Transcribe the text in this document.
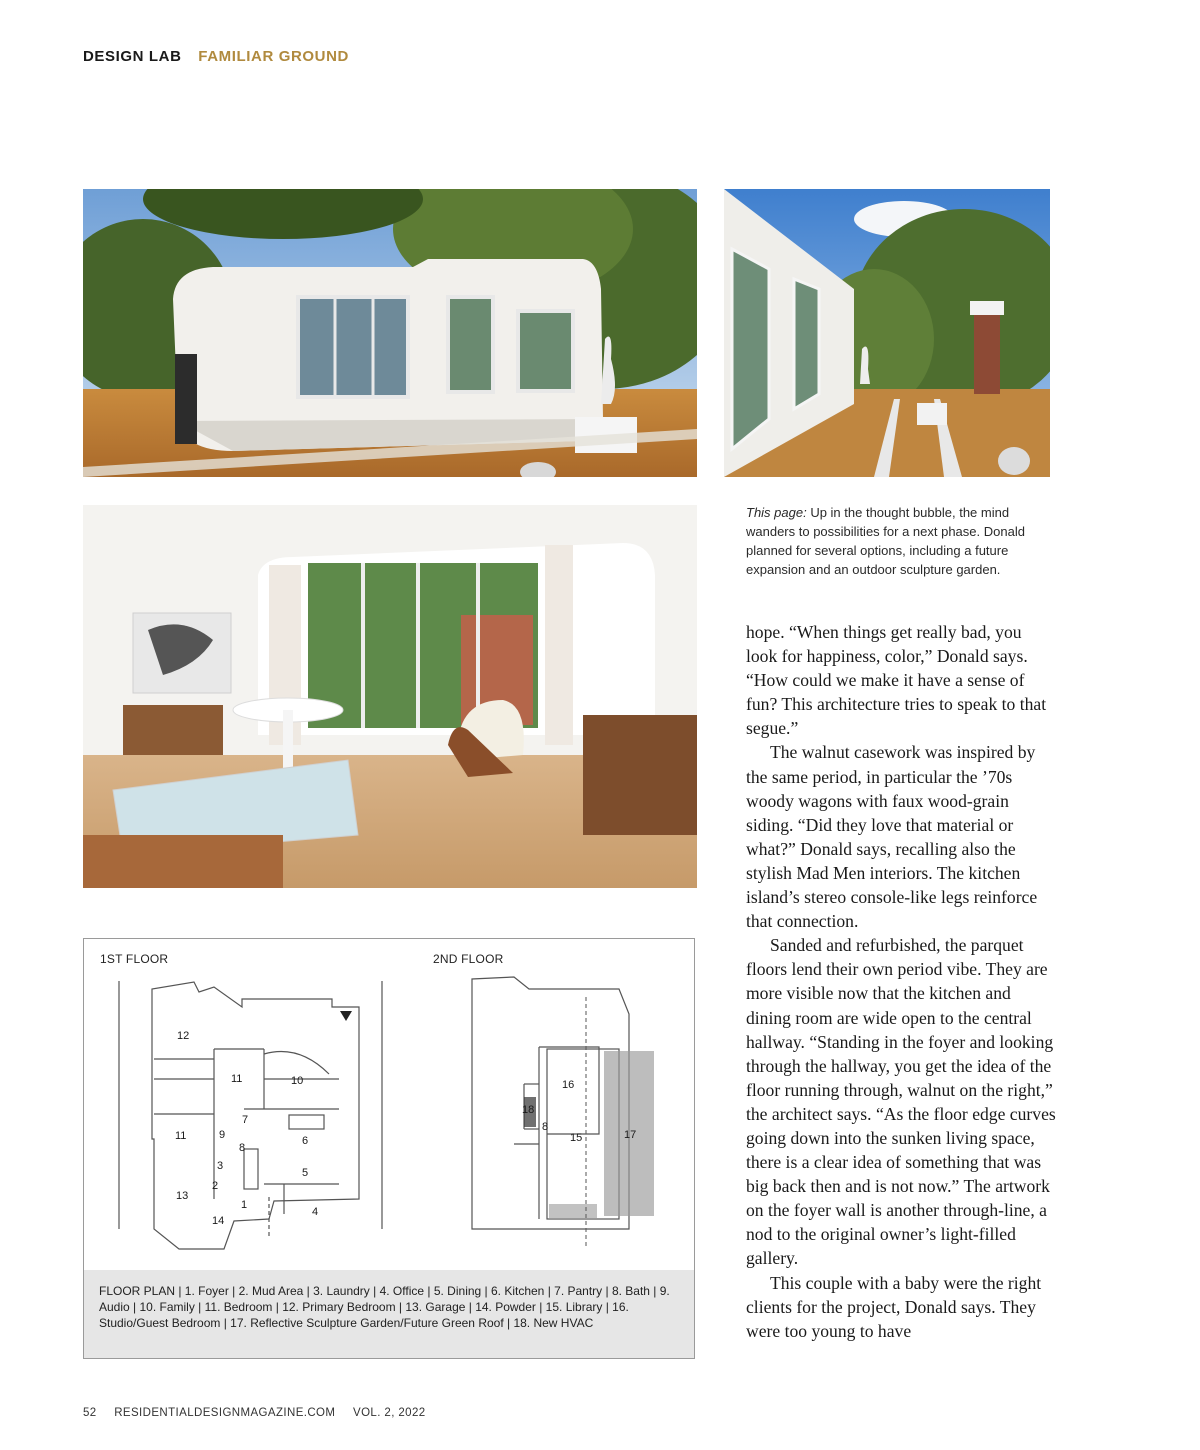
DESIGN LAB FAMILIAR GROUND
This page: Up in the thought bubble, the mind wanders to possibilities for a next phase. Donald planned for several options, including a future expansion and an outdoor sculpture garden.

hope. “When things get really bad, you look for happiness, color,” Donald says. “How could we make it have a sense of fun? This architecture tries to speak to that segue.”

The walnut casework was inspired by the same period, in particular the ’70s woody wagons with faux wood-grain siding. “Did they love that material or what?” Donald says, recalling also the stylish Mad Men interiors. The kitchen island’s stereo console-like legs reinforce that connection.

Sanded and refurbished, the parquet floors lend their own period vibe. They are more visible now that the kitchen and dining room are wide open to the central hallway. “Standing in the foyer and looking through the hallway, you get the idea of the floor running through, walnut on the right,” the architect says. “As the floor edge curves going down into the sunken living space, there is a clear idea of something that was big back then and is not now.” The artwork on the foyer wall is another through-line, a nod to the original owner’s light-filled gallery.

This couple with a baby were the right clients for the project, Donald says. They were too young to have

1ST FLOOR	2ND FLOOR
12
11	10
7
11	9
8
6
3
5
2
13
1
4
14
16
18
8
15	17
FLOOR PLAN | 1. Foyer | 2. Mud Area | 3. Laundry | 4. Office | 5. Dining | 6. Kitchen | 7. Pantry | 8. Bath | 9. Audio | 10. Family | 11. Bedroom | 12. Primary Bedroom | 13. Garage | 14. Powder | 15. Library | 16. Studio/Guest Bedroom | 17. Reflective Sculpture Garden/Future Green Roof | 18. New HVAC
52 RESIDENTIALDESIGNMAGAZINE.COM VOL. 2, 2022
